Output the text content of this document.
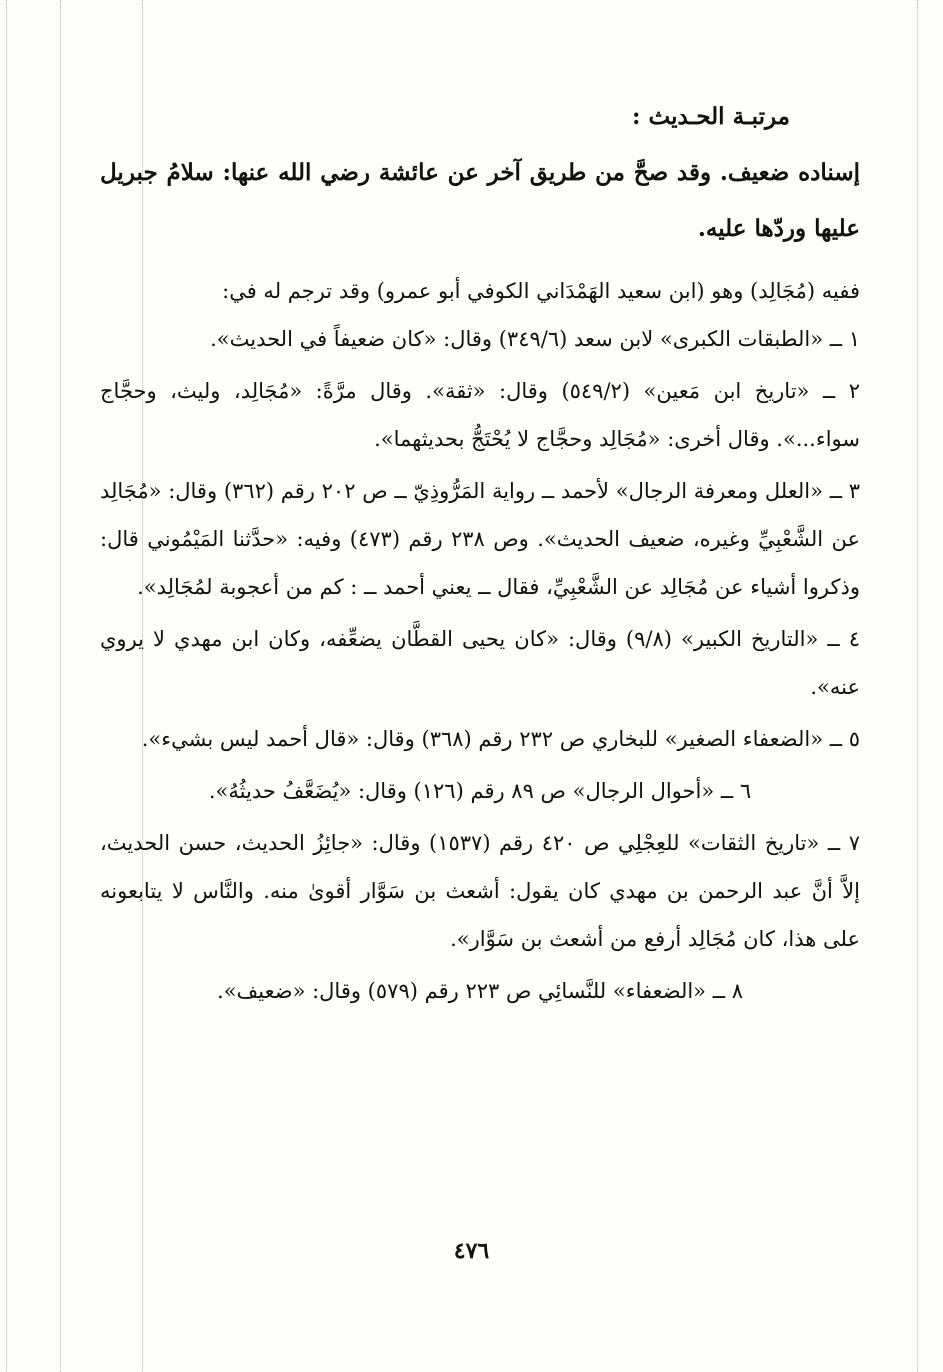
مرتبـة الحـديث :

إسناده ضعيف. وقد صحَّ من طريق آخر عن عائشة رضي الله عنها: سلامُ جبريل عليها وردّها عليه.

ففيه (مُجَالِد) وهو (ابن سعيد الهَمْدَاني الكوفي أبو عمرو) وقد ترجم له في:

١ ــ «الطبقات الكبرى» لابن سعد (٣٤٩/٦) وقال: «كان ضعيفاً في الحديث».

٢ ــ «تاريخ ابن مَعين» (٥٤٩/٢) وقال: «ثقة». وقال مرَّةً: «مُجَالِد، وليث، وحجَّاج سواء...». وقال أخرى: «مُجَالِد وحجَّاج لا يُحْتَجُّ بحديثهما».

٣ ــ «العلل ومعرفة الرجال» لأحمد ــ رواية المَرُّوذِيّ ــ ص ٢٠٢ رقم (٣٦٢) وقال: «مُجَالِد عن الشَّعْبِيِّ وغيره، ضعيف الحديث». وص ٢٣٨ رقم (٤٧٣) وفيه: «حدَّثنا المَيْمُوني قال: وذكروا أشياء عن مُجَالِد عن الشَّعْبِيِّ، فقال ــ يعني أحمد ــ : كم من أعجوبة لمُجَالِد».

٤ ــ «التاريخ الكبير» (٩/٨) وقال: «كان يحيى القطَّان يضعِّفه، وكان ابن مهدي لا يروي عنه».

٥ ــ «الضعفاء الصغير» للبخاري ص ٢٣٢ رقم (٣٦٨) وقال: «قال أحمد ليس بشيء».

٦ ــ «أحوال الرجال» ص ٨٩ رقم (١٢٦) وقال: «يُضَعَّفُ حديثُهُ».

٧ ــ «تاريخ الثقات» للعِجْلِي ص ٤٢٠ رقم (١٥٣٧) وقال: «جائِزُ الحديث، حسن الحديث، إلاَّ أنَّ عبد الرحمن بن مهدي كان يقول: أشعث بن سَوَّار أقوىٰ منه. والنَّاس لا يتابعونه على هذا، كان مُجَالِد أرفع من أشعث بن سَوَّار».

٨ ــ «الضعفاء» للنَّسائِي ص ٢٢٣ رقم (٥٧٩) وقال: «ضعيف».

٤٧٦
